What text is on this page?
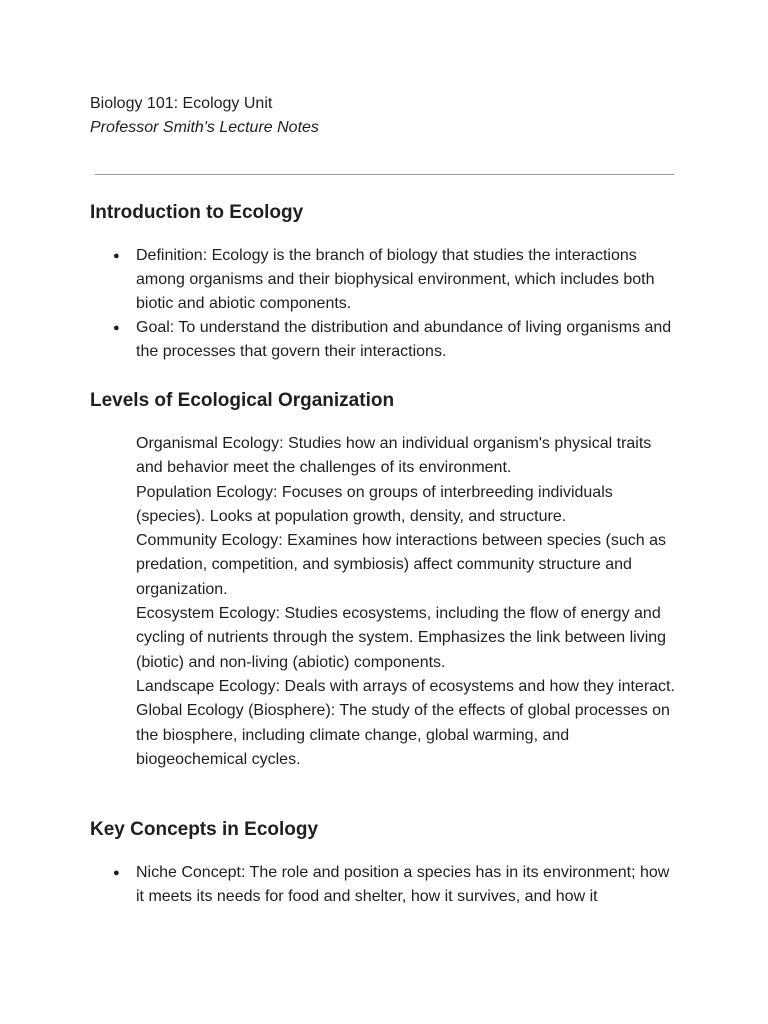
Biology 101: Ecology Unit

Professor Smith's Lecture Notes

Introduction to Ecology
● Definition: Ecology is the branch of biology that studies the interactions among organisms and their biophysical environment, which includes both biotic and abiotic components.
● Goal: To understand the distribution and abundance of living organisms and the processes that govern their interactions.
Levels of Ecological Organization

Organismal Ecology: Studies how an individual organism's physical traits and behavior meet the challenges of its environment.

Population Ecology: Focuses on groups of interbreeding individuals (species). Looks at population growth, density, and structure.

Community Ecology: Examines how interactions between species (such as predation, competition, and symbiosis) affect community structure and organization.

Ecosystem Ecology: Studies ecosystems, including the flow of energy and cycling of nutrients through the system. Emphasizes the link between living (biotic) and non-living (abiotic) components.

Landscape Ecology: Deals with arrays of ecosystems and how they interact.

Global Ecology (Biosphere): The study of the effects of global processes on the biosphere, including climate change, global warming, and biogeochemical cycles.

Key Concepts in Ecology
● Niche Concept: The role and position a species has in its environment; how it meets its needs for food and shelter, how it survives, and how it
